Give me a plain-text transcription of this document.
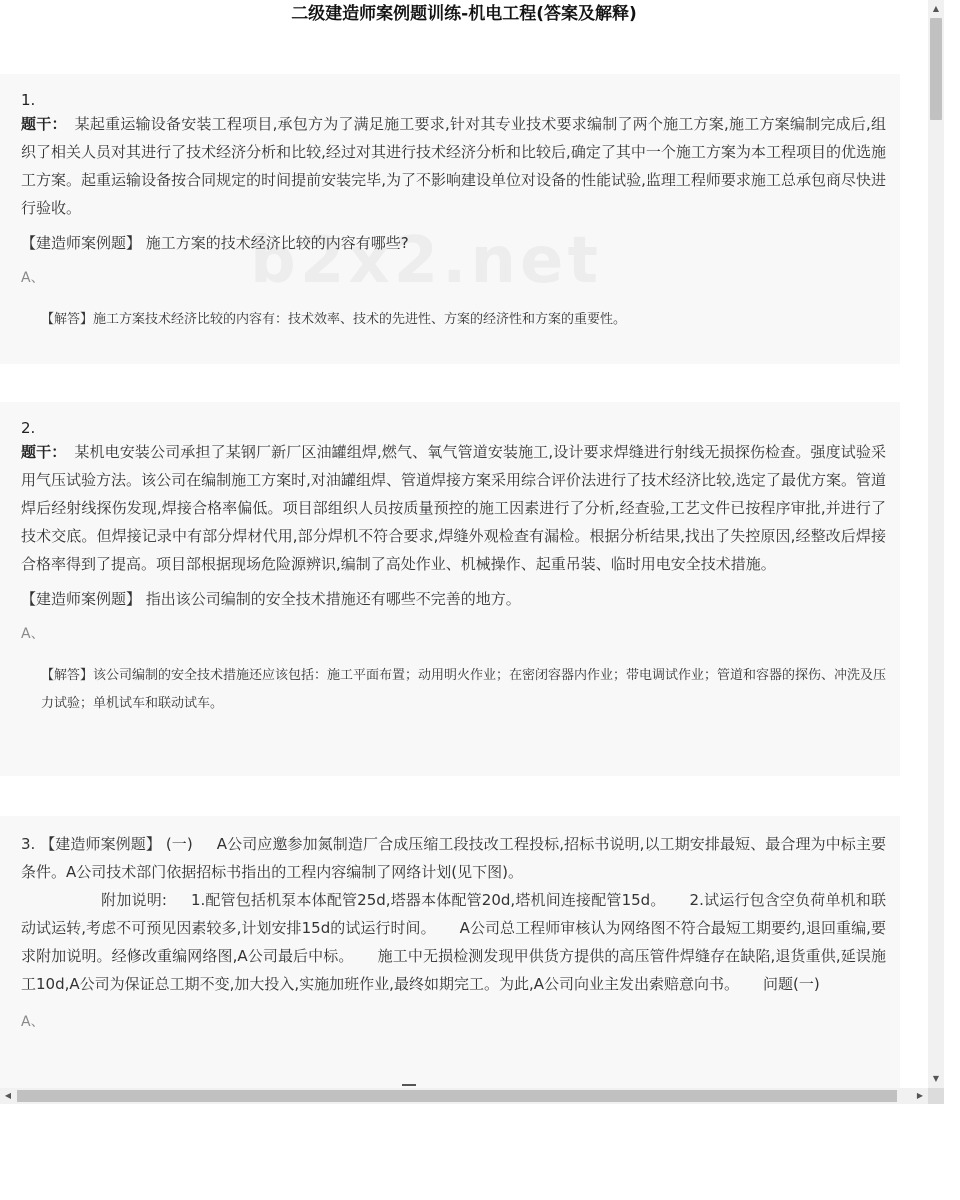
二级建造师案例题训练-机电工程(答案及解释)
1.
题干： 某起重运输设备安装工程项目,承包方为了满足施工要求,针对其专业技术要求编制了两个施工方案,施工方案编制完成后,组织了相关人员对其进行了技术经济分析和比较,经过对其进行技术经济分析和比较后,确定了其中一个施工方案为本工程项目的优选施工方案。起重运输设备按合同规定的时间提前安装完毕,为了不影响建设单位对设备的性能试验,监理工程师要求施工总承包商尽快进行验收。
【建造师案例题】 施工方案的技术经济比较的内容有哪些?
A、
【解答】施工方案技术经济比较的内容有：技术效率、技术的先进性、方案的经济性和方案的重要性。
2.
题干： 某机电安装公司承担了某钢厂新厂区油罐组焊,燃气、氧气管道安装施工,设计要求焊缝进行射线无损探伤检查。强度试验采用气压试验方法。该公司在编制施工方案时,对油罐组焊、管道焊接方案采用综合评价法进行了技术经济比较,选定了最优方案。管道焊后经射线探伤发现,焊接合格率偏低。项目部组织人员按质量预控的施工因素进行了分析,经查验,工艺文件已按程序审批,并进行了技术交底。但焊接记录中有部分焊材代用,部分焊机不符合要求,焊缝外观检查有漏检。根据分析结果,找出了失控原因,经整改后焊接合格率得到了提高。项目部根据现场危险源辨识,编制了高处作业、机械操作、起重吊装、临时用电安全技术措施。
【建造师案例题】 指出该公司编制的安全技术措施还有哪些不完善的地方。
A、
【解答】该公司编制的安全技术措施还应该包括：施工平面布置；动用明火作业；在密闭容器内作业；带电调试作业；管道和容器的探伤、冲洗及压力试验；单机试车和联动试车。
3. 【建造师案例题】 (一) A公司应邀参加氮制造厂合成压缩工段技改工程投标,招标书说明,以工期安排最短、最合理为中标主要条件。A公司技术部门依据招标书指出的工程内容编制了网络计划(见下图)。
附加说明: 1.配管包括机泵本体配管25d,塔器本体配管20d,塔机间连接配管15d。 2.试运行包含空负荷单机和联动试运转,考虑不可预见因素较多,计划安排15d的试运行时间。 A公司总工程师审核认为网络图不符合最短工期要约,退回重编,要求附加说明。经修改重编网络图,A公司最后中标。 施工中无损检测发现甲供货方提供的高压管件焊缝存在缺陷,退货重供,延误施工10d,A公司为保证总工期不变,加大投入,实施加班作业,最终如期完工。为此,A公司向业主发出索赔意向书。 问题(一)
A、
▲
▼
◀	▶
